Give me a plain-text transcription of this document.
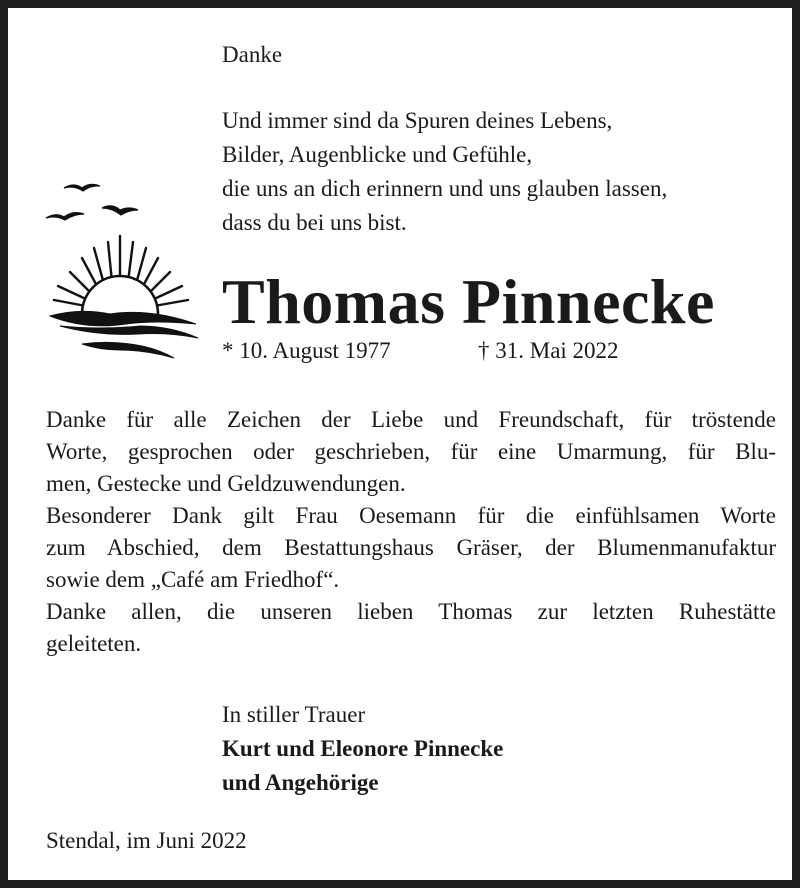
Danke
Und immer sind da Spuren deines Lebens,
Bilder, Augenblicke und Gefühle,
die uns an dich erinnern und uns glauben lassen,
dass du bei uns bist.
Thomas Pinnecke
* 10. August 1977	† 31. Mai 2022
Danke für alle Zeichen der Liebe und Freundschaft, für tröstende
Worte, gesprochen oder geschrieben, für eine Umarmung, für Blu-
men, Gestecke und Geldzuwendungen.
Besonderer Dank gilt Frau Oesemann für die einfühlsamen Worte
zum Abschied, dem Bestattungshaus Gräser, der Blumenmanufaktur
sowie dem „Café am Friedhof“.
Danke allen, die unseren lieben Thomas zur letzten Ruhestätte
geleiteten.
In stiller Trauer
Kurt und Eleonore Pinnecke
und Angehörige
Stendal, im Juni 2022
